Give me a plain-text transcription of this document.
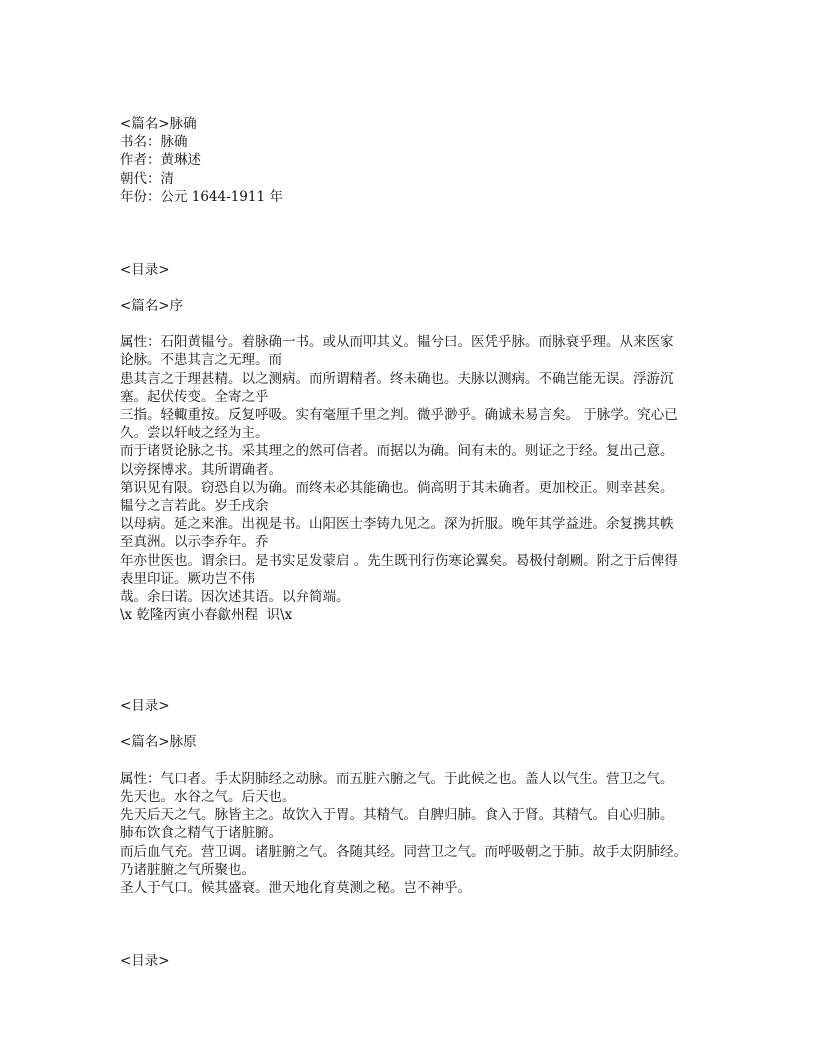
<篇名>脉确
书名：脉确
作者：黄琳述
朝代：清
年份：公元 1644-1911 年
<目录>
<篇名>序
属性：石阳黄韫兮。着脉确一书。或从而叩其义。韫兮曰。医凭乎脉。而脉衰乎理。从来医家
论脉。不患其言之无理。而
患其言之于理甚精。以之测病。而所谓精者。终未确也。夫脉以测病。不确岂能无误。浮游沉
塞。起伏传变。全寄之乎
三指。轻輙重按。反复呼吸。实有毫厘千里之判。微乎渺乎。确诚未易言矣。 于脉学。究心已
久。尝以轩岐之经为主。
而于诸贤论脉之书。采其理之的然可信者。而据以为确。间有未的。则证之于经。复出己意。
以旁探博求。其所谓确者。
第识见有限。窃恐自以为确。而终未必其能确也。倘高明于其未确者。更加校正。则幸甚矣。
韫兮之言若此。岁壬戌余
以母病。延之来淮。出视是书。山阳医士李铸九见之。深为折服。晚年其学益进。余复携其帙
至真洲。以示李乔年。乔
年亦世医也。谓余曰。是书实足发蒙启 。先生既刊行伤寒论翼矣。曷极付剞劂。附之于后俾得
表里印证。厥功岂不伟
哉。余曰诺。因次述其语。以弁简端。
\x 乾隆丙寅小春歙州程  识\x
<目录>
<篇名>脉原
属性：气口者。手太阴肺经之动脉。而五脏六腑之气。于此候之也。盖人以气生。营卫之气。
先天也。水谷之气。后天也。
先天后天之气。脉皆主之。故饮入于胃。其精气。自脾归肺。食入于肾。其精气。自心归肺。
肺布饮食之精气于诸脏腑。
而后血气充。营卫调。诸脏腑之气。各随其经。同营卫之气。而呼吸朝之于肺。故手太阴肺经。
乃诸脏腑之气所聚也。
圣人于气口。候其盛衰。泄天地化育莫测之秘。岂不神乎。
<目录>
